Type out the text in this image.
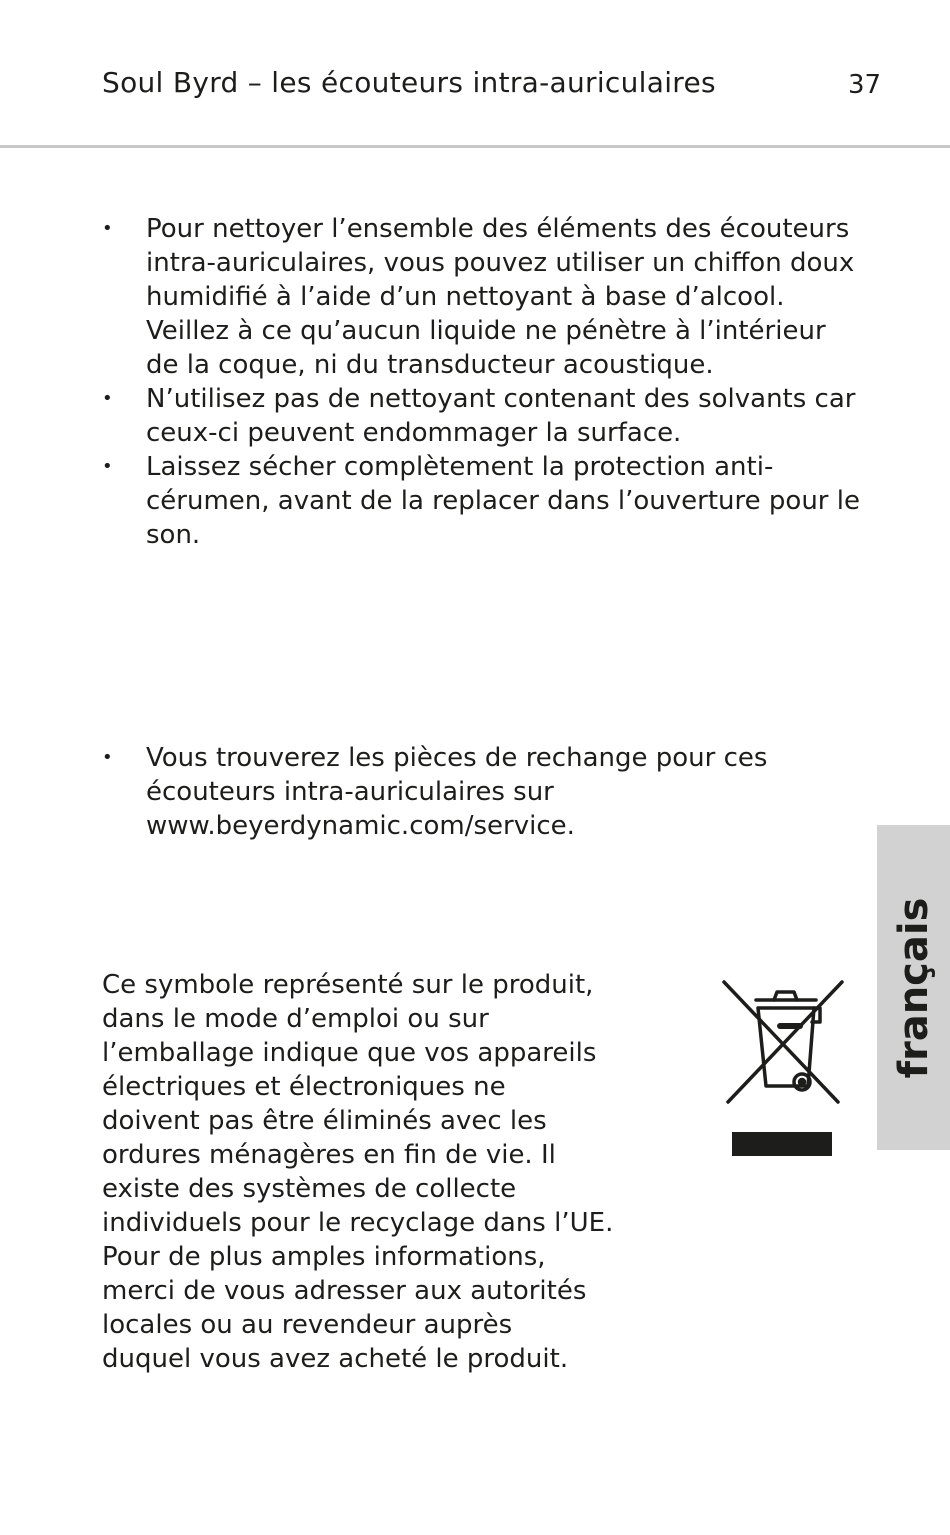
Soul Byrd – les écouteurs intra-auriculaires	37
• Pour nettoyer l’ensemble des éléments des écouteurs intra-auriculaires, vous pouvez utiliser un chiffon doux humidifié à l’aide d’un nettoyant à base d’alcool. Veillez à ce qu’aucun liquide ne pénètre à l’intérieur de la coque, ni du transducteur acoustique.
• N’utilisez pas de nettoyant contenant des solvants car ceux-ci peuvent endommager la surface.
• Laissez sécher complètement la protection anti-cérumen, avant de la replacer dans l’ouverture pour le son.
• Vous trouverez les pièces de rechange pour ces écouteurs intra-auriculaires sur www.beyerdynamic.com/service.
Ce symbole représenté sur le produit,
dans le mode d’emploi ou sur
l’emballage indique que vos appareils
électriques et électroniques ne
doivent pas être éliminés avec les
ordures ménagères en fin de vie. Il
existe des systèmes de collecte
individuels pour le recyclage dans l’UE.
Pour de plus amples informations,
merci de vous adresser aux autorités
locales ou au revendeur auprès
duquel vous avez acheté le produit.
français
